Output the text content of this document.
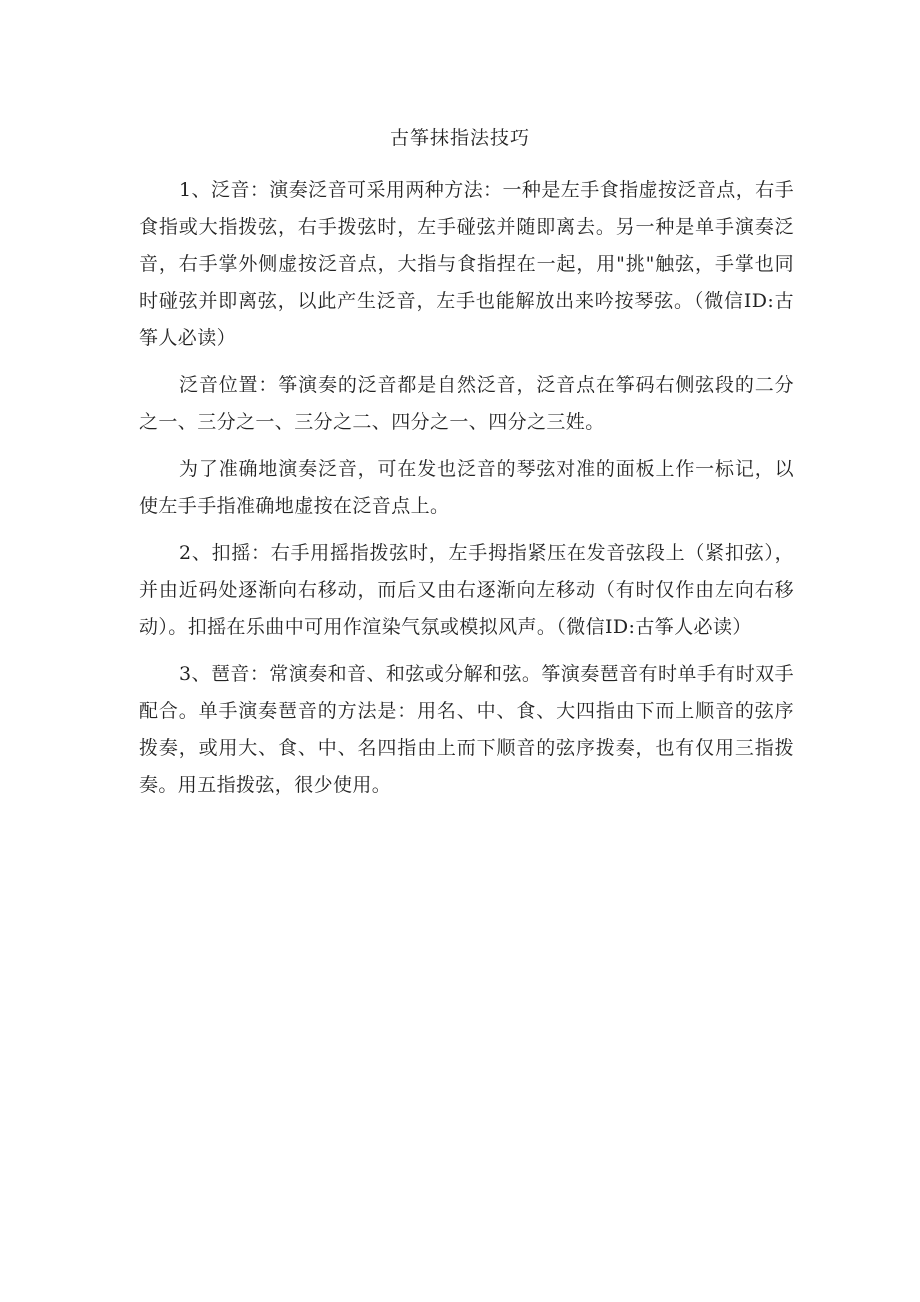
古筝抹指法技巧

1、泛音：演奏泛音可采用两种方法：一种是左手食指虚按泛音点，右手食指或大指拨弦，右手拨弦时，左手碰弦并随即离去。另一种是单手演奏泛音，右手掌外侧虚按泛音点，大指与食指捏在一起，用"挑"触弦，手掌也同时碰弦并即离弦，以此产生泛音，左手也能解放出来吟按琴弦。（微信ID:古筝人必读）

泛音位置：筝演奏的泛音都是自然泛音，泛音点在筝码右侧弦段的二分之一、三分之一、三分之二、四分之一、四分之三姓。

为了准确地演奏泛音，可在发也泛音的琴弦对准的面板上作一标记，以使左手手指准确地虚按在泛音点上。

2、扣摇：右手用摇指拨弦时，左手拇指紧压在发音弦段上（紧扣弦），并由近码处逐渐向右移动，而后又由右逐渐向左移动（有时仅作由左向右移动）。扣摇在乐曲中可用作渲染气氛或模拟风声。（微信ID:古筝人必读）

3、琶音：常演奏和音、和弦或分解和弦。筝演奏琶音有时单手有时双手配合。单手演奏琶音的方法是：用名、中、食、大四指由下而上顺音的弦序拨奏，或用大、食、中、名四指由上而下顺音的弦序拨奏，也有仅用三指拨奏。用五指拨弦，很少使用。
